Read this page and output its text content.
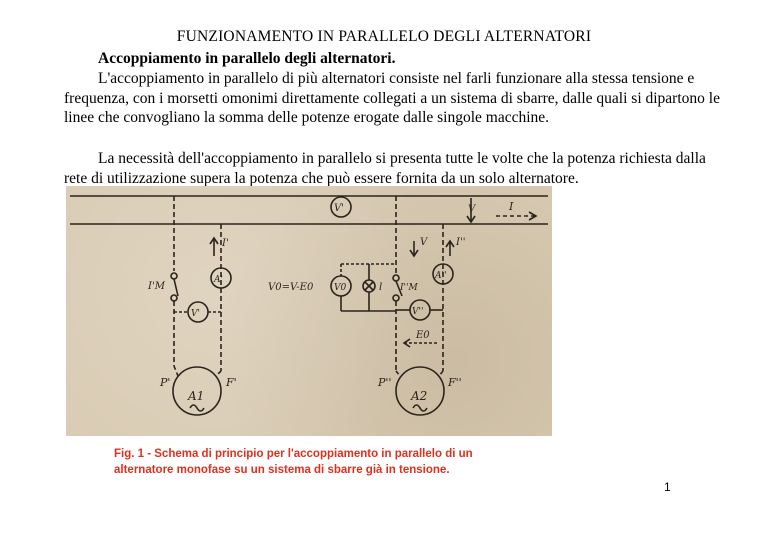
FUNZIONAMENTO IN PARALLELO DEGLI ALTERNATORI
Accoppiamento in parallelo degli alternatori.
L'accoppiamento in parallelo di più alternatori consiste nel farli funzionare alla stessa tensione e frequenza, con i morsetti omonimi direttamente collegati a un sistema di sbarre, dalle quali si dipartono le linee che convogliano la somma delle potenze erogate dalle singole macchine.
La necessità dell'accoppiamento in parallelo si presenta tutte le volte che la potenza richiesta dalla rete di utilizzazione supera la potenza che può essere fornita da un solo alternatore.
V'	V	I
I'	V	I''
I'M
A'
V'
V0=V-E0 V0	l I''M
A''
V''
E0
P'	F'
A1
P''	F''
A2
Fig. 1 - Schema di principio per l'accoppiamento in parallelo di un alternatore monofase su un sistema di sbarre già in tensione.
1
